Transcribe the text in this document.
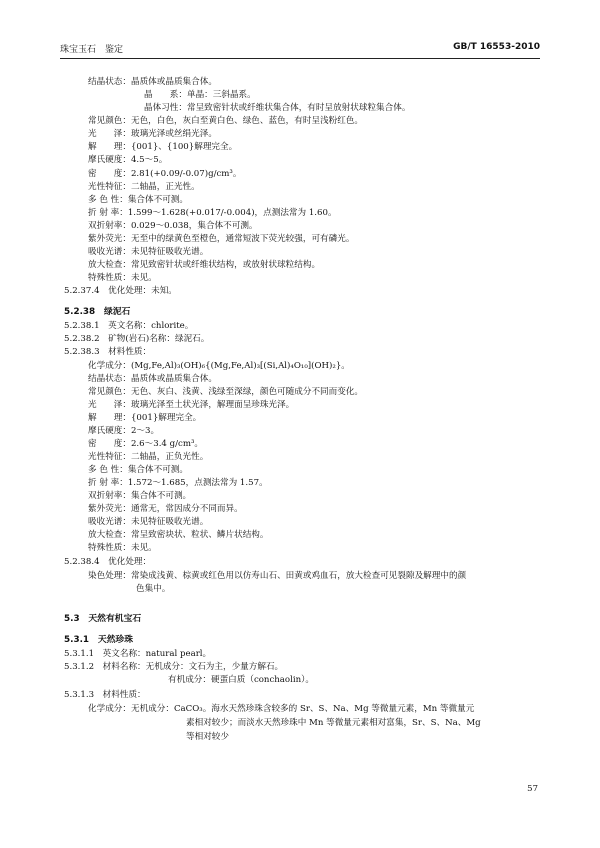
珠宝玉石　鉴定	GB/T 16553-2010
结晶状态：晶质体或晶质集合体。
晶　　系：单晶：三斜晶系。
晶体习性：常呈致密针状或纤维状集合体，有时呈放射状球粒集合体。
常见颜色：无色，白色，灰白至黄白色、绿色、蓝色，有时呈浅粉红色。
光　　泽：玻璃光泽或丝绢光泽。
解　　理：{001}、{100}解理完全。
摩氏硬度：4.5～5。
密　　度：2.81(+0.09/-0.07)g/cm³。
光性特征：二轴晶，正光性。
多 色 性：集合体不可测。
折 射 率：1.599～1.628(+0.017/-0.004)，点测法常为 1.60。
双折射率：0.029～0.038，集合体不可测。
紫外荧光：无至中的绿黄色至橙色，通常短波下荧光较强，可有磷光。
吸收光谱：未见特征吸收光谱。
放大检查：常见致密针状或纤维状结构，或放射状球粒结构。
特殊性质：未见。
5.2.37.4　优化处理：未知。
5.2.38　绿泥石
5.2.38.1　英文名称：chlorite。
5.2.38.2　矿物(岩石)名称：绿泥石。
5.2.38.3　材料性质：
化学成分：(Mg,Fe,Al)₃(OH)₆{(Mg,Fe,Al)₃[(Si,Al)₄O₁₀](OH)₂}。
结晶状态：晶质体或晶质集合体。
常见颜色：无色、灰白、浅黄、浅绿至深绿，颜色可随成分不同而变化。
光　　泽：玻璃光泽至土状光泽，解理面呈珍珠光泽。
解　　理：{001}解理完全。
摩氏硬度：2～3。
密　　度：2.6～3.4 g/cm³。
光性特征：二轴晶，正负光性。
多 色 性：集合体不可测。
折 射 率：1.572～1.685，点测法常为 1.57。
双折射率：集合体不可测。
紫外荧光：通常无，常因成分不同而异。
吸收光谱：未见特征吸收光谱。
放大检查：常呈致密块状、粒状、鳞片状结构。
特殊性质：未见。
5.2.38.4　优化处理：
染色处理：常染成浅黄、棕黄或红色用以仿寿山石、田黄或鸡血石，放大检查可见裂隙及解理中的颜
色集中。
5.3　天然有机宝石
5.3.1　天然珍珠
5.3.1.1　英文名称：natural pearl。
5.3.1.2　材料名称：无机成分：文石为主，少量方解石。
有机成分：硬蛋白质（conchaolin）。
5.3.1.3　材料性质：
化学成分：无机成分：CaCO₃。海水天然珍珠含较多的 Sr、S、Na、Mg 等微量元素，Mn 等微量元
素相对较少；而淡水天然珍珠中 Mn 等微量元素相对富集，Sr、S、Na、Mg
等相对较少
57
